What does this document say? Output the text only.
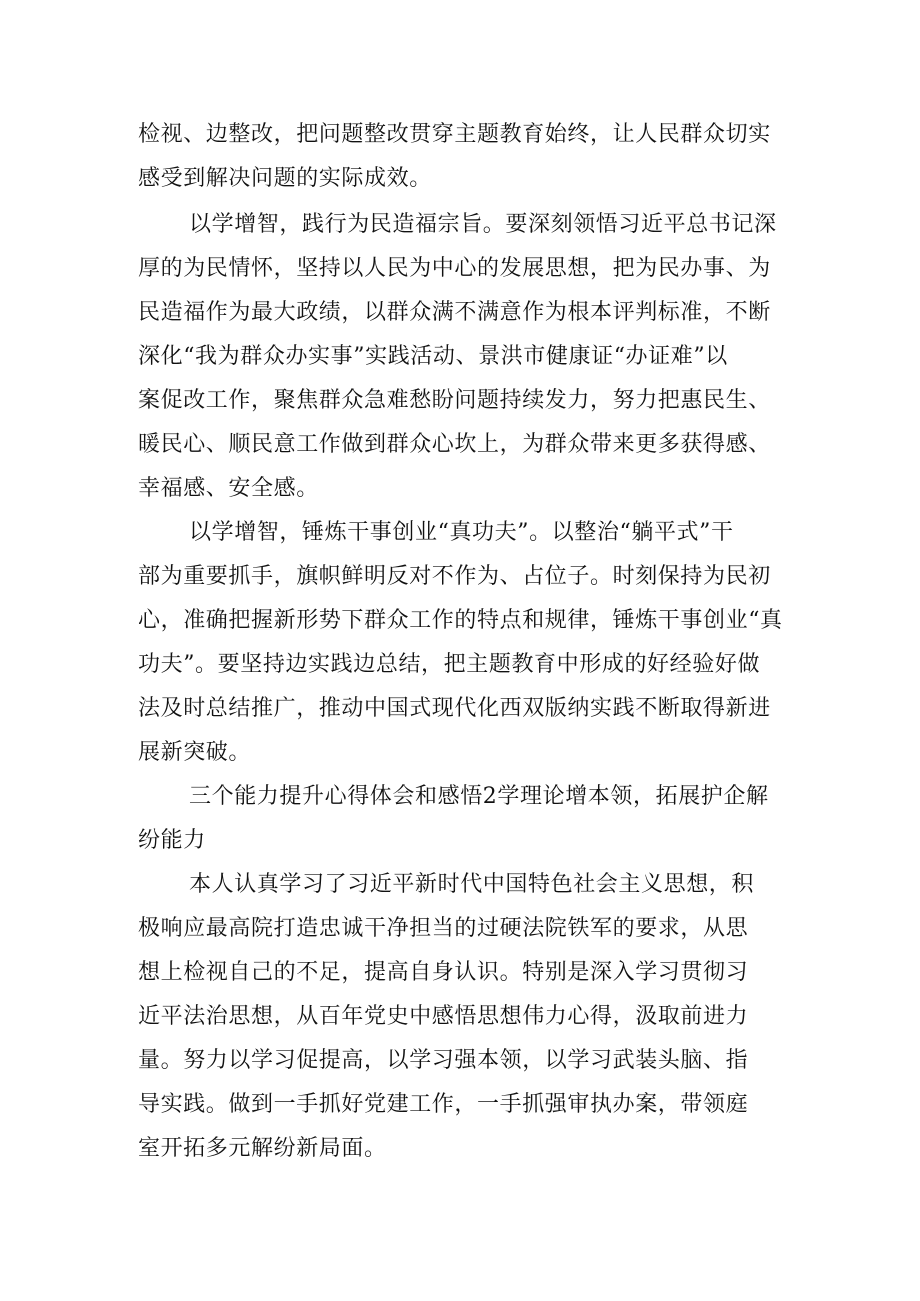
检视、边整改，把问题整改贯穿主题教育始终，让人民群众切实
感受到解决问题的实际成效。
以学增智，践行为民造福宗旨。要深刻领悟习近平总书记深
厚的为民情怀，坚持以人民为中心的发展思想，把为民办事、为
民造福作为最大政绩，以群众满不满意作为根本评判标准，不断
深化“我为群众办实事”实践活动、景洪市健康证“办证难”以
案促改工作，聚焦群众急难愁盼问题持续发力，努力把惠民生、
暖民心、顺民意工作做到群众心坎上，为群众带来更多获得感、
幸福感、安全感。
以学增智，锤炼干事创业“真功夫”。以整治“躺平式”干
部为重要抓手，旗帜鲜明反对不作为、占位子。时刻保持为民初
心，准确把握新形势下群众工作的特点和规律，锤炼干事创业“真
功夫”。要坚持边实践边总结，把主题教育中形成的好经验好做
法及时总结推广，推动中国式现代化西双版纳实践不断取得新进
展新突破。
三个能力提升心得体会和感悟2学理论增本领，拓展护企解
纷能力
本人认真学习了习近平新时代中国特色社会主义思想，积
极响应最高院打造忠诚干净担当的过硬法院铁军的要求，从思
想上检视自己的不足，提高自身认识。特别是深入学习贯彻习
近平法治思想，从百年党史中感悟思想伟力心得，汲取前进力
量。努力以学习促提高，以学习强本领，以学习武装头脑、指
导实践。做到一手抓好党建工作，一手抓强审执办案，带领庭
室开拓多元解纷新局面。
